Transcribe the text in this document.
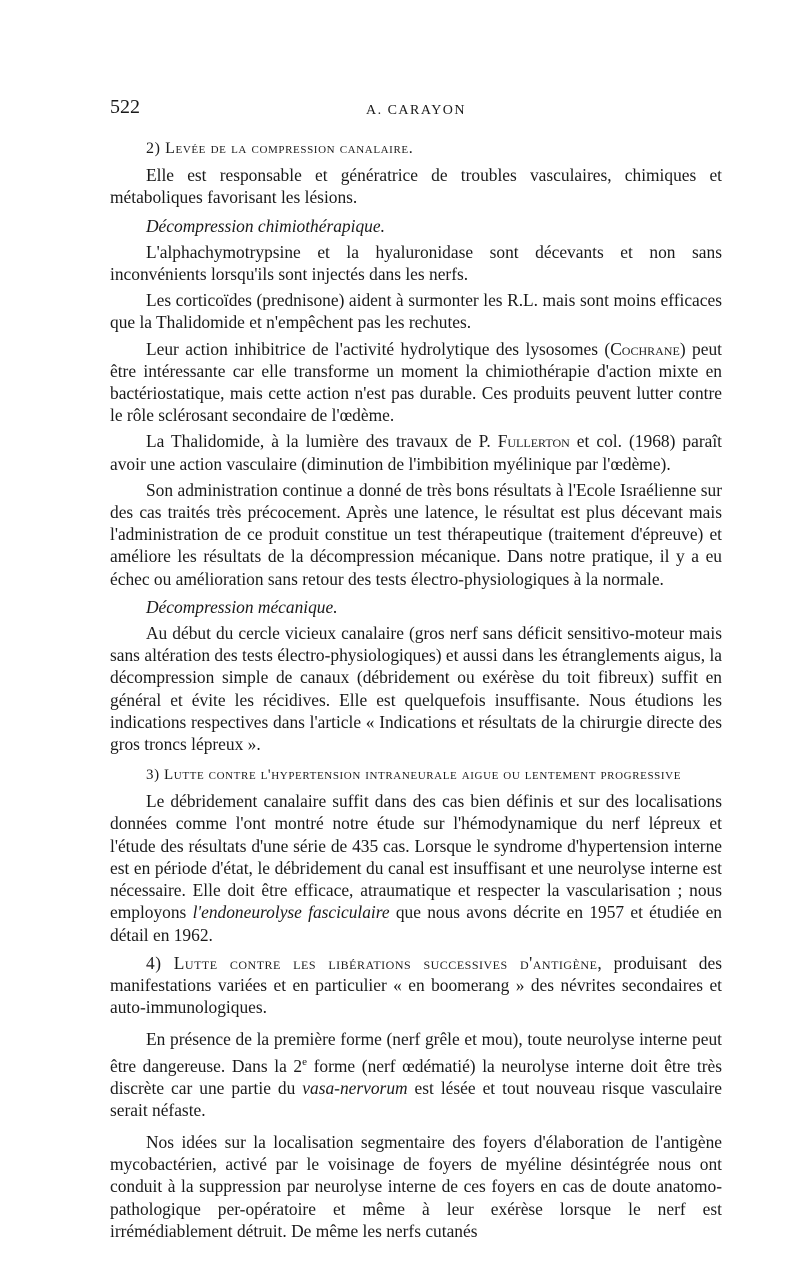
522	A. CARAYON
2) Levée de la compression canalaire.

Elle est responsable et génératrice de troubles vasculaires, chimiques et métaboliques favorisant les lésions.

Décompression chimiothérapique.

L'alphachymotrypsine et la hyaluronidase sont décevants et non sans inconvénients lorsqu'ils sont injectés dans les nerfs.

Les corticoïdes (prednisone) aident à surmonter les R.L. mais sont moins efficaces que la Thalidomide et n'empêchent pas les rechutes.

Leur action inhibitrice de l'activité hydrolytique des lysosomes (Cochrane) peut être intéressante car elle transforme un moment la chimiothérapie d'action mixte en bactériostatique, mais cette action n'est pas durable. Ces produits peuvent lutter contre le rôle sclérosant secondaire de l'œdème.

La Thalidomide, à la lumière des travaux de P. Fullerton et col. (1968) paraît avoir une action vasculaire (diminution de l'imbibition myélinique par l'œdème).

Son administration continue a donné de très bons résultats à l'Ecole Israélienne sur des cas traités très précocement. Après une latence, le résultat est plus décevant mais l'administration de ce produit constitue un test thérapeutique (traitement d'épreuve) et améliore les résultats de la décompression mécanique. Dans notre pratique, il y a eu échec ou amélioration sans retour des tests électro-physiologiques à la normale.

Décompression mécanique.

Au début du cercle vicieux canalaire (gros nerf sans déficit sensitivo-moteur mais sans altération des tests électro-physiologiques) et aussi dans les étranglements aigus, la décompression simple de canaux (débridement ou exérèse du toit fibreux) suffit en général et évite les récidives. Elle est quelquefois insuffisante. Nous étudions les indications respectives dans l'article « Indications et résultats de la chirurgie directe des gros troncs lépreux ».

3) Lutte contre l'hypertension intraneurale aigue ou lentement progressive

Le débridement canalaire suffit dans des cas bien définis et sur des localisations données comme l'ont montré notre étude sur l'hémodynamique du nerf lépreux et l'étude des résultats d'une série de 435 cas. Lorsque le syndrome d'hypertension interne est en période d'état, le débridement du canal est insuffisant et une neurolyse interne est nécessaire. Elle doit être efficace, atraumatique et respecter la vascularisation ; nous employons l'endoneurolyse fasciculaire que nous avons décrite en 1957 et étudiée en détail en 1962.

4) Lutte contre les libérations successives d'antigène, produisant des manifestations variées et en particulier « en boomerang » des névrites secondaires et auto-immunologiques.

En présence de la première forme (nerf grêle et mou), toute neurolyse interne peut être dangereuse. Dans la 2e forme (nerf œdématié) la neurolyse interne doit être très discrète car une partie du vasa-nervorum est lésée et tout nouveau risque vasculaire serait néfaste.

Nos idées sur la localisation segmentaire des foyers d'élaboration de l'antigène mycobactérien, activé par le voisinage de foyers de myéline désintégrée nous ont conduit à la suppression par neurolyse interne de ces foyers en cas de doute anatomo-pathologique per-opératoire et même à leur exérèse lorsque le nerf est irrémédiablement détruit. De même les nerfs cutanés
